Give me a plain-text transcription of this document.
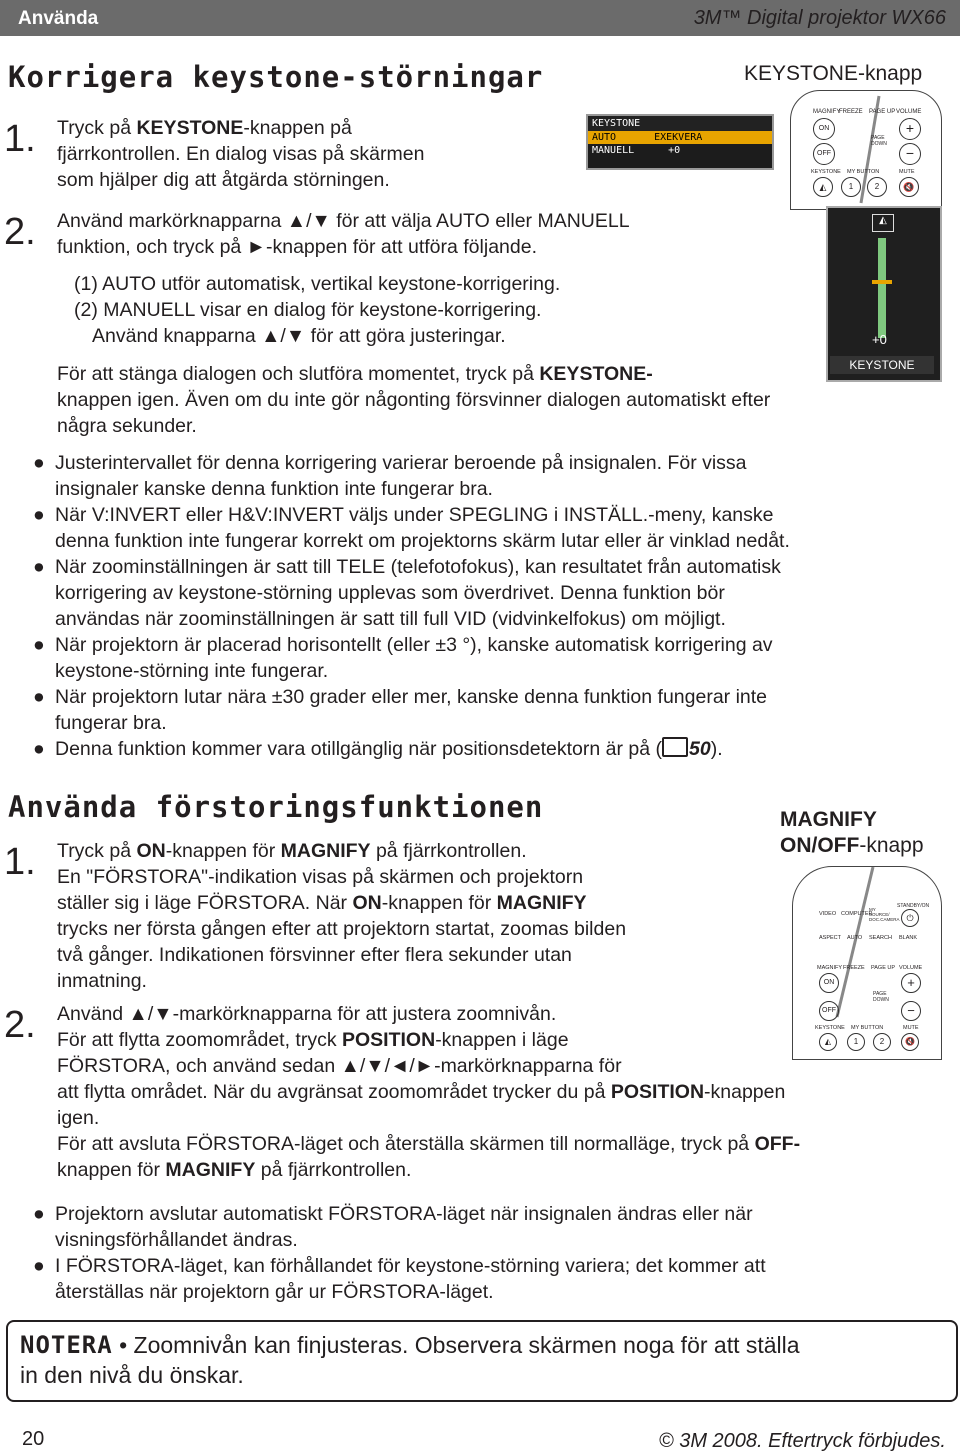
Använda	3M™ Digital projektor WX66
Korrigera keystone-störningar	KEYSTONE-knapp
MAGNIFY
FREEZE PAGE UP VOLUME
ON
OFF
PAGE DOWN
+
−
KEYSTONE MY BUTTON	MUTE
◭	1	2	🔇
KEYSTONE
AUTO	EXEKVERA
MANUELL	+0
◭
+0
KEYSTONE
1. Tryck på KEYSTONE-knappen på
fjärrkontrollen. En dialog visas på skärmen
som hjälper dig att åtgärda störningen.
2. Använd markörknapparna ▲/▼ för att välja AUTO eller MANUELL
funktion, och tryck på ►-knappen för att utföra följande.
(1) AUTO utför automatisk, vertikal keystone-korrigering.
(2) MANUELL visar en dialog för keystone-korrigering.
Använd knapparna ▲/▼ för att göra justeringar.
För att stänga dialogen och slutföra momentet, tryck på KEYSTONE-
knappen igen. Även om du inte gör någonting försvinner dialogen automatiskt efter
några sekunder.
● Justerintervallet för denna korrigering varierar beroende på insignalen. För vissa
insignaler kanske denna funktion inte fungerar bra.
● När V:INVERT eller H&V:INVERT väljs under SPEGLING i INSTÄLL.-meny, kanske
denna funktion inte fungerar korrekt om projektorns skärm lutar eller är vinklad nedåt.
● När zoominställningen är satt till TELE (telefotofokus), kan resultatet från automatisk
korrigering av keystone-störning upplevas som överdrivet. Denna funktion bör
användas när zoominställningen är satt till full VID (vidvinkelfokus) om möjligt.
● När projektorn är placerad horisontellt (eller ±3 °), kanske automatisk korrigering av
keystone-störning inte fungerar.
● När projektorn lutar nära ±30 grader eller mer, kanske denna funktion fungerar inte
fungerar bra.
● Denna funktion kommer vara otillgänglig när positionsdetektorn är på ( 50).
Använda förstoringsfunktionen	MAGNIFY
ON/OFF-knapp
STANDBY/ON
VIDEO COMPUTER
MY SOURCE/ DOC.CAMERA ⏻
ASPECT AUTO SEARCH BLANK
MAGNIFY FREEZE PAGE UP VOLUME
ON
OFF
PAGE DOWN
+
−
KEYSTONE MY BUTTON	MUTE
◭	1	2	🔇
1. Tryck på ON-knappen för MAGNIFY på fjärrkontrollen.
En "FÖRSTORA"-indikation visas på skärmen och projektorn
ställer sig i läge FÖRSTORA. När ON-knappen för MAGNIFY
trycks ner första gången efter att projektorn startat, zoomas bilden
två gånger. Indikationen försvinner efter flera sekunder utan
inmatning.
2. Använd ▲/▼-markörknapparna för att justera zoomnivån.
För att flytta zoomområdet, tryck POSITION-knappen i läge
FÖRSTORA, och använd sedan ▲/▼/◄/►-markörknapparna för
att flytta området. När du avgränsat zoomområdet trycker du på POSITION-knappen
igen.
För att avsluta FÖRSTORA-läget och återställa skärmen till normalläge, tryck på OFF-
knappen för MAGNIFY på fjärrkontrollen.
● Projektorn avslutar automatiskt FÖRSTORA-läget när insignalen ändras eller när
visningsförhållandet ändras.
● I FÖRSTORA-läget, kan förhållandet för keystone-störning variera; det kommer att
återställas när projektorn går ur FÖRSTORA-läget.
NOTERA • Zoomnivån kan finjusteras. Observera skärmen noga för att ställa
in den nivå du önskar.
20	© 3M 2008. Eftertryck förbjudes.
